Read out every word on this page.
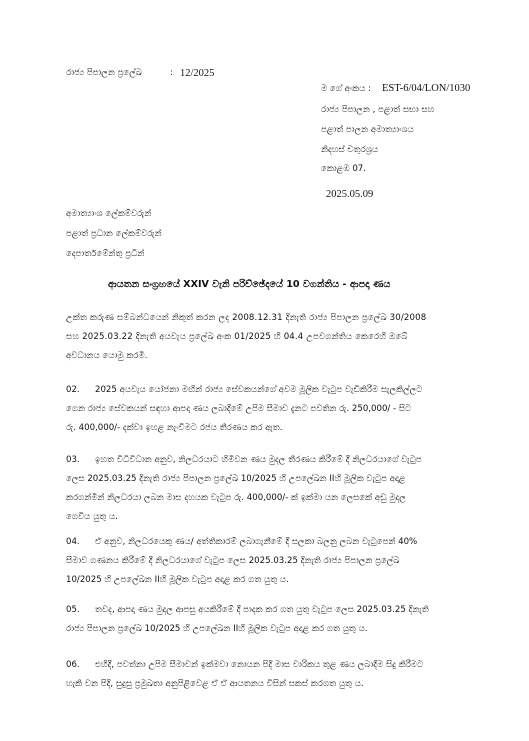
රාජ්‍ය පිපාලන ප්‍රලේඛ	: 12/2025
ම ගේ අංකය : EST-6/04/LON/1030
රාජ්‍ය පිපාලන , පළාත් සභා සහ
පළාත් පාලන අමාත්‍යාංශය
නිදහස් චතුරශ්‍රය
කොළඹ 07.
2025.05.09
අමාත්‍යාංශ ලේකම්වරුන්
පළාත් ප්‍රධාන ලේකම්වරුන්
දෙපාර්තමේන්තු ප්‍රධීන්
ආයතන සංග්‍රහයේ XXIV වැනි පරිච්ඡේදයේ 10 වගන්තිය - ආපදා ණය
උක්ත කරුණ සම්බන්ධයෙන් නිකුත් කරන ලද 2008.12.31 දිනැති රාජ්‍ය පිපාලන ප්‍රලේඛ 30/2008
සහ 2025.03.22 දිනැති අයවැය ප්‍රලේඛ අංක 01/2025 හි 04.4 උපවගන්තිය කෙරෙහි ඔබේ
අවධානය යොමු කරමි.
02. 2025 අයවැය යෝජනා මඟින් රාජ්‍ය සේවකයන්ගේ අවම මූලික වැටුප වැඩිකිරීම සැලකිල්ලට
ගෙන රාජ්‍ය සේවකයන් සඳහා ආපදා ණය ලබාදීමේ උපිම සීමාව දැනට පවතින රු. 250,000/ - සිට
රු. 400,000/- දක්වා ඉහළ නැංවීමට රජය තීරණය කර ඇත.
03. ඉහත විධිවිධාන අනුව, නිලධරයාට හිමිවන ණය මුදල තීරණය කිරීමේ දී නිලධරයාගේ වැටුප
ලෙස 2025.03.25 දිනැති රාජ්‍ය පිපාලන ප්‍රලේඛ 10/2025 හි උපලේඛන IIහි මූලික වැටුප අදාළ
කරගන්මින් නිලධරයා ලබන මාස දහයක වැටුප රු. 400,000/- ක් ඉක්මා යන ලෙසකේ අඩු මුදල
ගෙවිය යුතු ය.
04. ඒ අනුව, නිලධරයෙකු ණය/ අත්තිකාරම් ලබාගැනීමේ දී සලකා බලනු ලබන වැටුපෙන් 40%
සීමාව ගණනය කිරීමේ දී නිලධරයාගේ වැටුප ලෙස 2025.03.25 දිනැති රාජ්‍ය පිපාලන ප්‍රලේඛ
10/2025 හි උපලේඛන IIහි මූලික වැටුප අදාළ කර ගත යුතු ය.
05. තවද, ආපදා ණය මුදල ආපසු අයකිරීමේ දී පාදක කර ගත යුතු වැටුප ලෙස 2025.03.25 දිනැති
රාජ්‍ය පිපාලන ප්‍රලේඛ 10/2025 හි උපලේඛන IIහි මූලික වැටුප අදාළ කර ගත යුතු ය.
06. එහිදී, පවත්නා උපිම සීමාවන් ඉක්මවා නොයන පිදි මාස වාරිකය තුළ ණය ලබාදීම සිදු කිරීමට
හැකි වන පිදි, සුදුසු ප්‍රමුඛතා අනුපිළිවෙළ ඒ ඒ ආයතනය විසින් සකස් කරගත යුතු ය.
